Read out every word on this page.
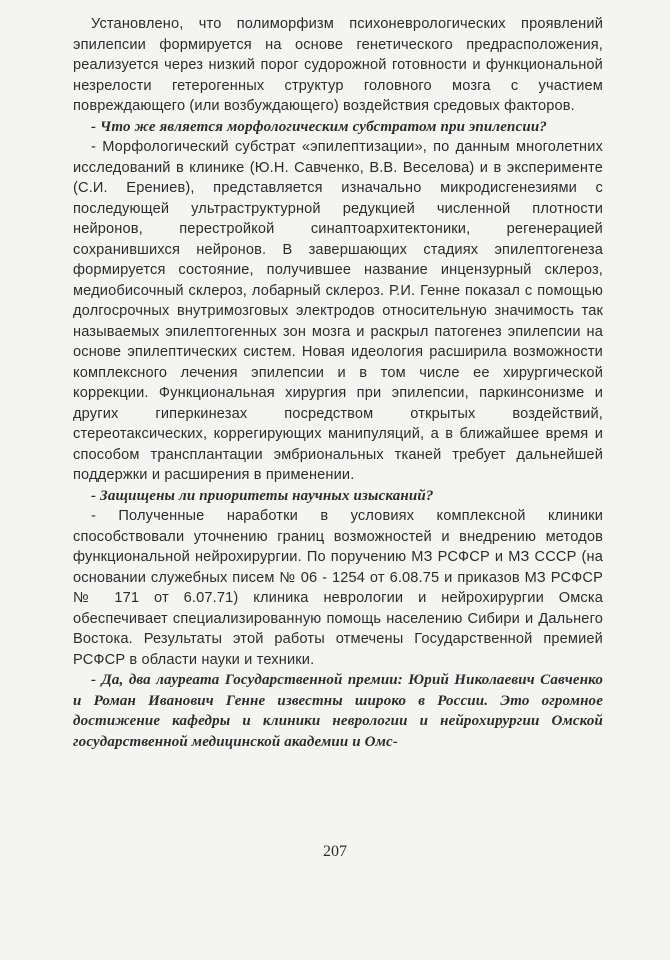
Установлено, что полиморфизм психоневрологических проявлений эпилепсии формируется на основе генетического предрасположения, реализуется через низкий порог судорожной готовности и функциональной незрелости гетерогенных структур головного мозга с участием повреждающего (или возбуждающего) воздействия средовых факторов.

- Что же является морфологическим субстратом при эпилепсии?

- Морфологический субстрат «эпилептизации», по данным многолетних исследований в клинике (Ю.Н. Савченко, В.В. Веселова) и в эксперименте (С.И. Ерениев), представляется изначально микродисгенезиями с последующей ультраструктурной редукцией численной плотности нейронов, перестройкой синаптоархитектоники, регенерацией сохранившихся нейронов. В завершающих стадиях эпилептогенеза формируется состояние, получившее название инцензурный склероз, медиобисочный склероз, лобарный склероз. Р.И. Генне показал с помощью долгосрочных внутримозговых электродов относительную значимость так называемых эпилептогенных зон мозга и раскрыл патогенез эпилепсии на основе эпилептических систем. Новая идеология расширила возможности комплексного лечения эпилепсии и в том числе ее хирургической коррекции. Функциональная хирургия при эпилепсии, паркинсонизме и других гиперкинезах посредством открытых воздействий, стереотаксических, коррегирующих манипуляций, а в ближайшее время и способом трансплантации эмбриональных тканей требует дальнейшей поддержки и расширения в применении.

- Защищены ли приоритеты научных изысканий?

- Полученные наработки в условиях комплексной клиники способствовали уточнению границ возможностей и внедрению методов функциональной нейрохирургии. По поручению МЗ РСФСР и МЗ СССР (на основании служебных писем № 06 - 1254 от 6.08.75 и приказов МЗ РСФСР № 171 от 6.07.71) клиника неврологии и нейрохирургии Омска обеспечивает специализированную помощь населению Сибири и Дальнего Востока. Результаты этой работы отмечены Государственной премией РСФСР в области науки и техники.

- Да, два лауреата Государственной премии: Юрий Николаевич Савченко и Роман Иванович Генне известны широко в России. Это огромное достижение кафедры и клиники неврологии и нейрохирургии Омской государственной медицинской академии и Омс-

207
